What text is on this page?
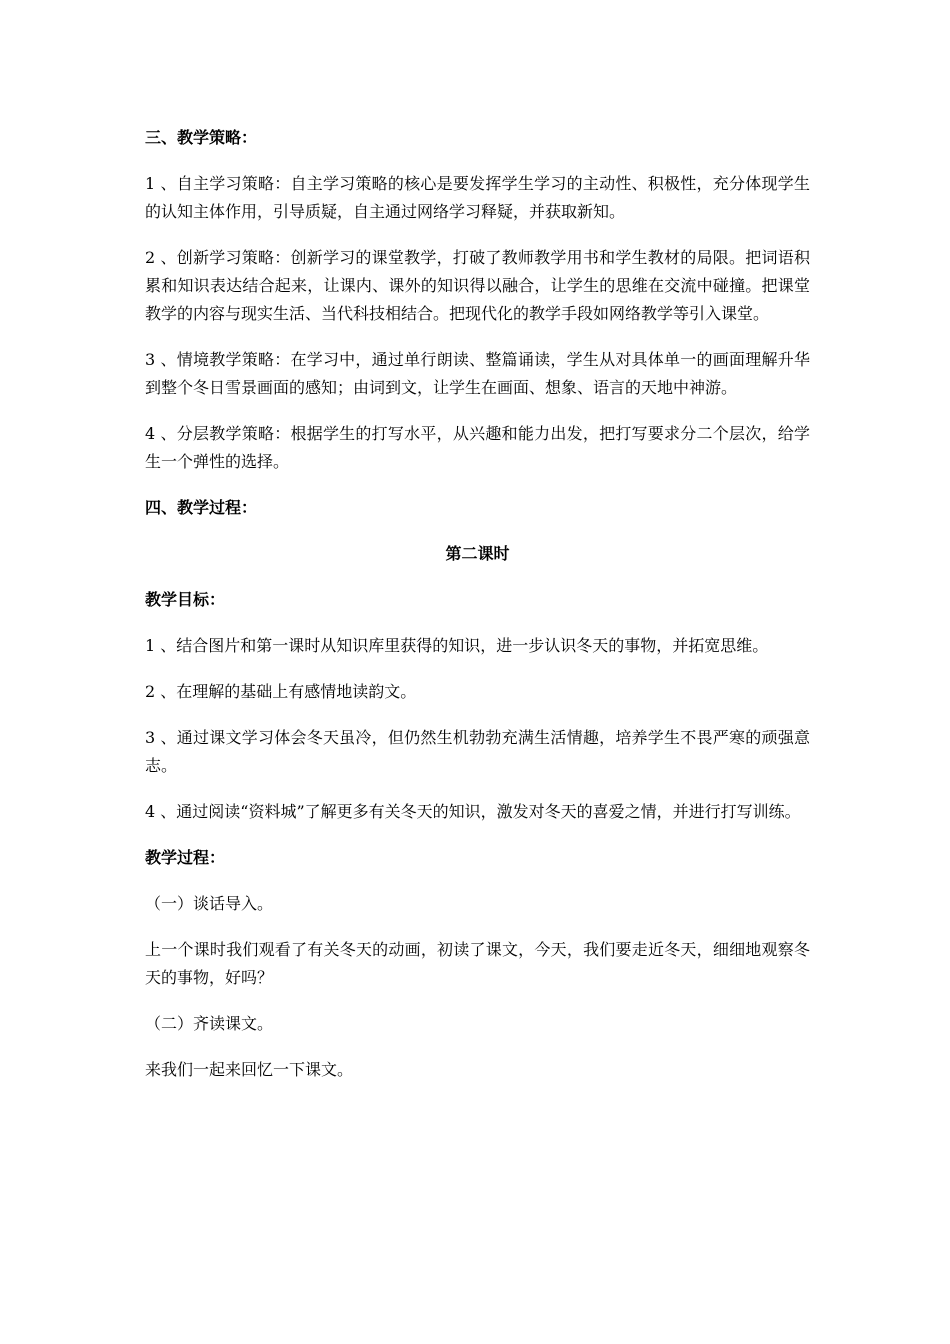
三、教学策略：

1 、自主学习策略：自主学习策略的核心是要发挥学生学习的主动性、积极性，充分体现学生的认知主体作用，引导质疑，自主通过网络学习释疑，并获取新知。

2 、创新学习策略：创新学习的课堂教学，打破了教师教学用书和学生教材的局限。把词语积累和知识表达结合起来，让课内、课外的知识得以融合，让学生的思维在交流中碰撞。把课堂教学的内容与现实生活、当代科技相结合。把现代化的教学手段如网络教学等引入课堂。

3 、情境教学策略：在学习中，通过单行朗读、整篇诵读，学生从对具体单一的画面理解升华到整个冬日雪景画面的感知；由词到文，让学生在画面、想象、语言的天地中神游。

4 、分层教学策略：根据学生的打写水平，从兴趣和能力出发，把打写要求分二个层次，给学生一个弹性的选择。

四、教学过程：
第二课时
教学目标：

1 、结合图片和第一课时从知识库里获得的知识，进一步认识冬天的事物，并拓宽思维。

2 、在理解的基础上有感情地读韵文。

3 、通过课文学习体会冬天虽冷，但仍然生机勃勃充满生活情趣，培养学生不畏严寒的顽强意志。

4 、通过阅读“资料城”了解更多有关冬天的知识，激发对冬天的喜爱之情，并进行打写训练。

教学过程：

（一）谈话导入。

上一个课时我们观看了有关冬天的动画，初读了课文，今天，我们要走近冬天，细细地观察冬 天的事物，好吗？

（二）齐读课文。

来我们一起来回忆一下课文。
